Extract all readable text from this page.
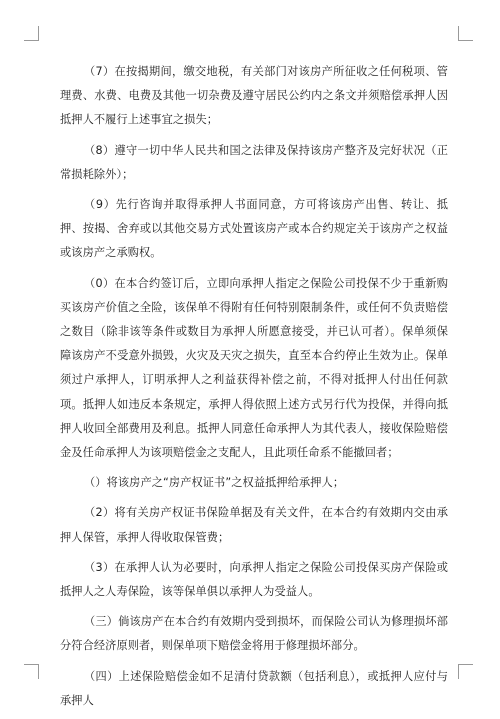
（7）在按揭期间，缴交地税，有关部门对该房产所征收之任何税项、管理费、水费、电费及其他一切杂费及遵守居民公约内之条文并须赔偿承押人因抵押人不履行上述事宜之损失；

（8）遵守一切中华人民共和国之法律及保持该房产整齐及完好状况（正常损耗除外）；

（9）先行咨询并取得承押人书面同意，方可将该房产出售、转让、抵押、按揭、舍弃或以其他交易方式处置该房产或本合约规定关于该房产之权益或该房产之承购权。

（0）在本合约签订后，立即向承押人指定之保险公司投保不少于重新购买该房产价值之全险，该保单不得附有任何特别限制条件，或任何不负责赔偿之数目（除非该等条件或数目为承押人所愿意接受，并已认可者）。保单须保障该房产不受意外损毁，火灾及天灾之损失，直至本合约停止生效为止。保单须过户承押人，订明承押人之利益获得补偿之前，不得对抵押人付出任何款项。抵押人如违反本条规定，承押人得依照上述方式另行代为投保，并得向抵押人收回全部费用及利息。抵押人同意任命承押人为其代表人，接收保险赔偿金及任命承押人为该项赔偿金之支配人，且此项任命系不能撤回者；

（）将该房产之“房产权证书”之权益抵押给承押人；

（2）将有关房产权证书保险单据及有关文件，在本合约有效期内交由承押人保管，承押人得收取保管费；

（3）在承押人认为必要时，向承押人指定之保险公司投保买房产保险或抵押人之人寿保险，该等保单俱以承押人为受益人。

（三）倘该房产在本合约有效期内受到损坏，而保险公司认为修理损坏部分符合经济原则者，则保单项下赔偿金将用于修理损坏部分。

（四）上述保险赔偿金如不足清付贷款额（包括利息），或抵押人应付与承押人
